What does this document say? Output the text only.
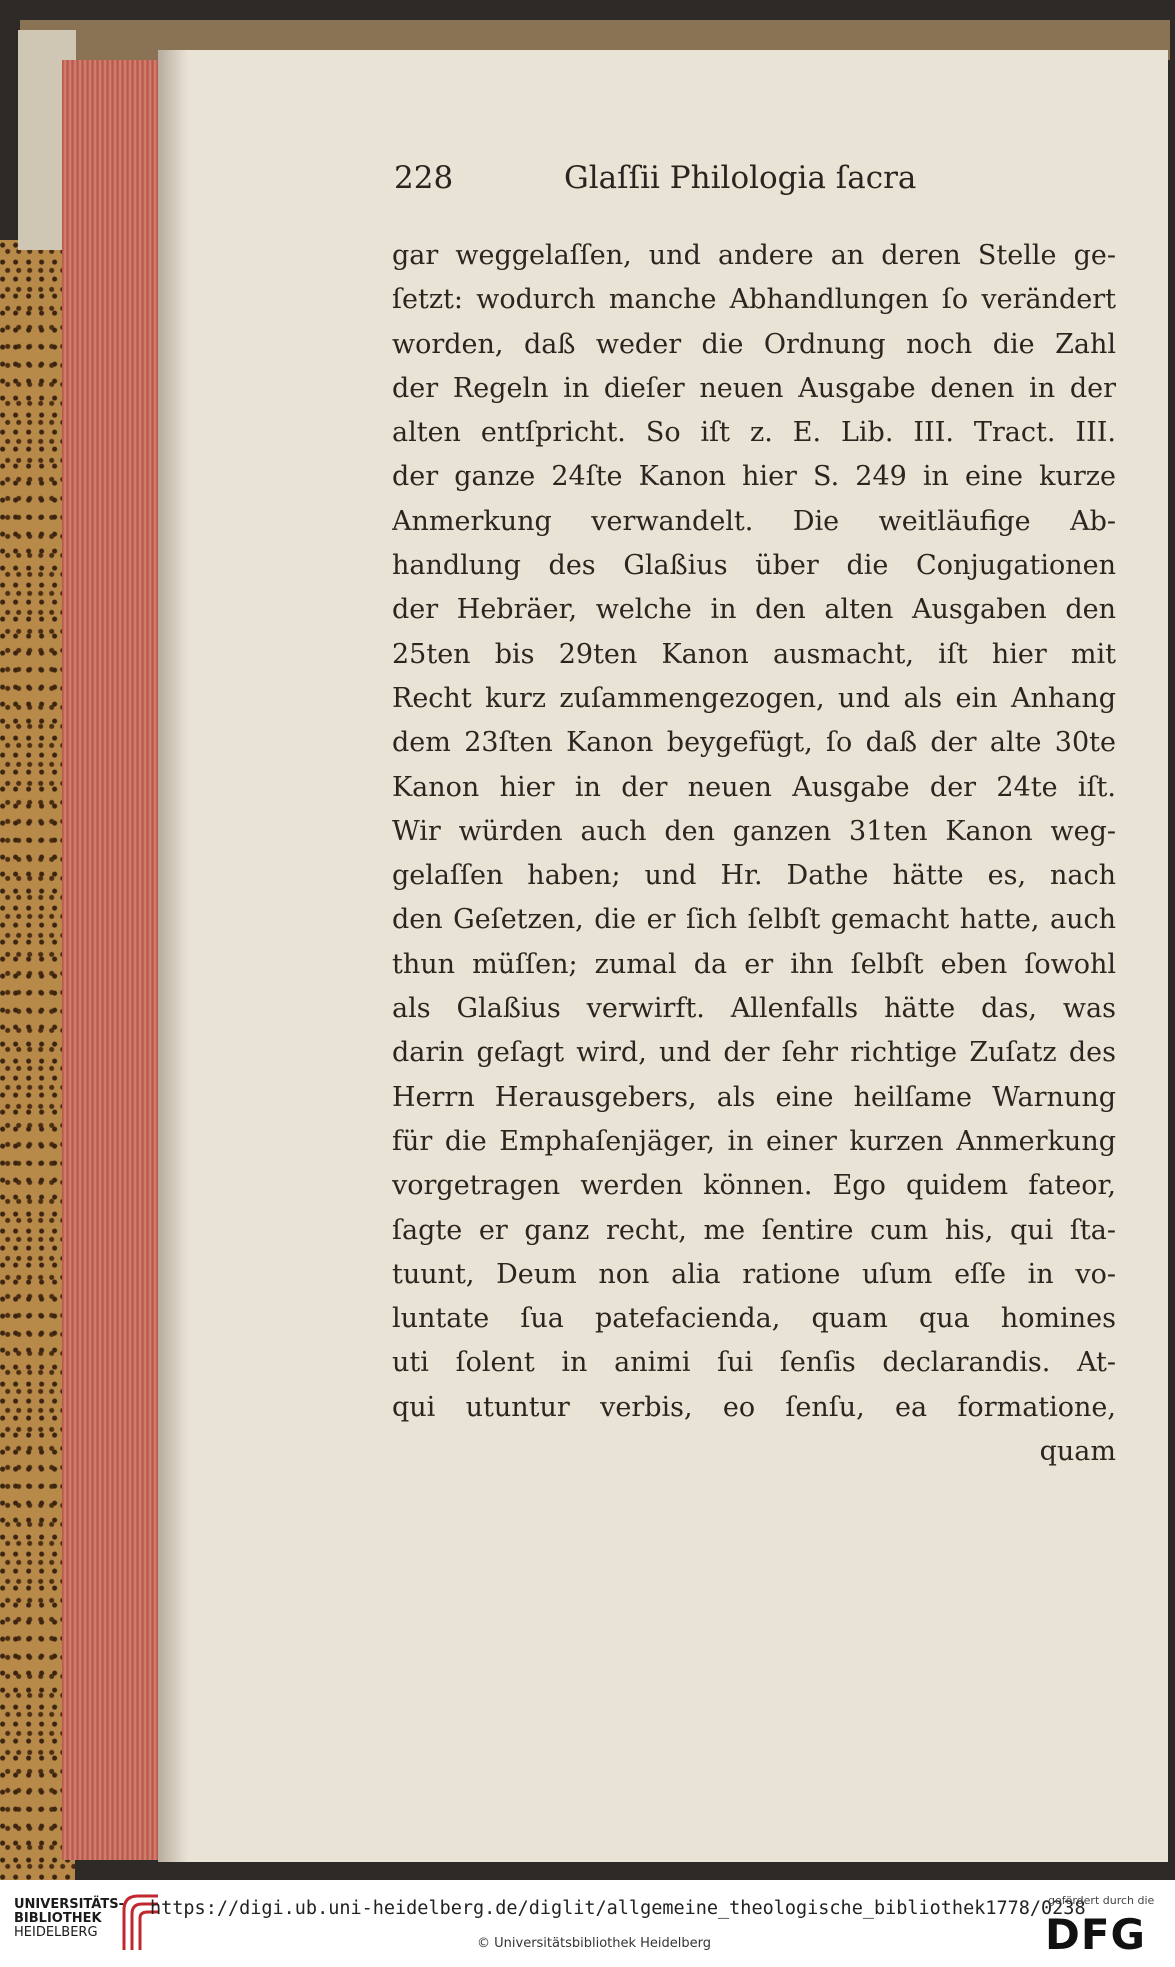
228	Glaſſii Philologia ſacra
gar weggelaſſen, und andere an deren Stelle ge-
ſetzt: wodurch manche Abhandlungen ſo verändert
worden, daß weder die Ordnung noch die Zahl
der Regeln in dieſer neuen Ausgabe denen in der
alten entſpricht. So iſt z. E. Lib. III. Tract. III.
der ganze 24ſte Kanon hier S. 249 in eine kurze
Anmerkung verwandelt. Die weitläufige Ab-
handlung des Glaßius über die Conjugationen
der Hebräer, welche in den alten Ausgaben den
25ten bis 29ten Kanon ausmacht, iſt hier mit
Recht kurz zuſammengezogen, und als ein Anhang
dem 23ſten Kanon beygefügt, ſo daß der alte 30te
Kanon hier in der neuen Ausgabe der 24te iſt.
Wir würden auch den ganzen 31ten Kanon weg-
gelaſſen haben; und Hr. Dathe hätte es, nach
den Geſetzen, die er ſich ſelbſt gemacht hatte, auch
thun müſſen; zumal da er ihn ſelbſt eben ſowohl
als Glaßius verwirft. Allenfalls hätte das, was
darin geſagt wird, und der ſehr richtige Zuſatz des
Herrn Herausgebers, als eine heilſame Warnung
für die Emphaſenjäger, in einer kurzen Anmerkung
vorgetragen werden können. Ego quidem fateor,
ſagte er ganz recht, me ſentire cum his, qui ſta-
tuunt, Deum non alia ratione uſum eſſe in vo-
luntate ſua patefacienda, quam qua homines
uti ſolent in animi ſui ſenſis declarandis. At-
qui utuntur verbis, eo ſenſu, ea formatione,
quam
UNIVERSITÄTS-
BIBLIOTHEK
HEIDELBERG
https://digi.ub.uni-heidelberg.de/diglit/allgemeine_theologische_bibliothek1778/0238
© Universitätsbibliothek Heidelberg
gefördert durch die
DFG
